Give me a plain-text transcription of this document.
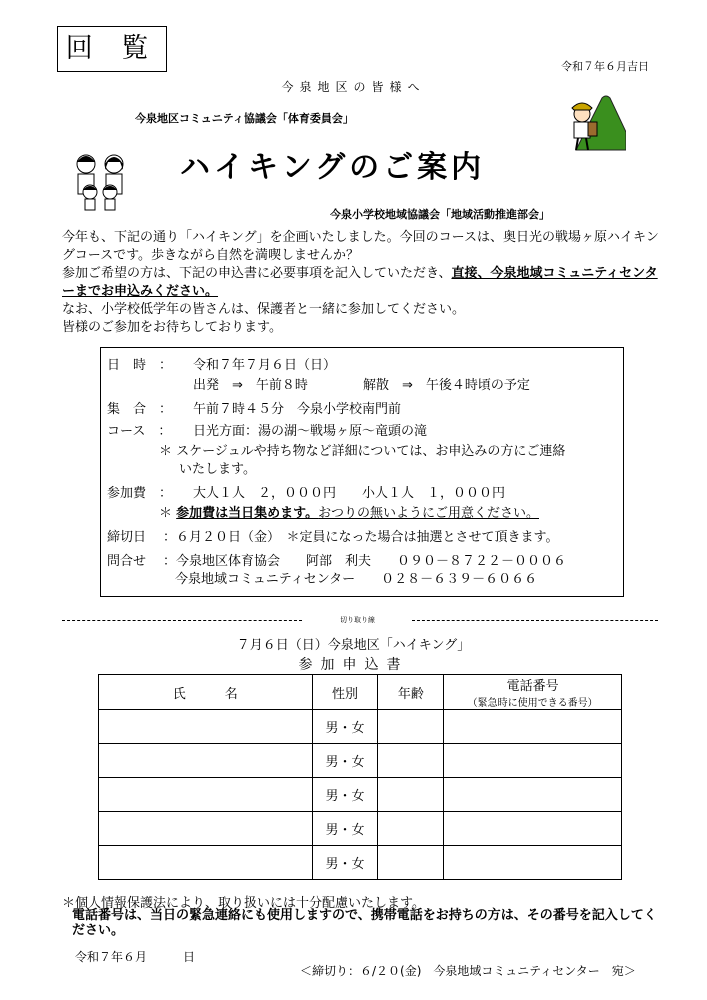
回 覧
令和７年６月吉日
今泉地区の皆様へ
今泉地区コミュニティ協議会「体育委員会」
ハイキングのご案内
今泉小学校地域協議会「地域活動推進部会」

今年も、下記の通り「ハイキング」を企画いたしました。今回のコースは、奥日光の戦場ヶ原ハイキングコースです。歩きながら自然を満喫しませんか？

参加ご希望の方は、下記の申込書に必要事項を記入していただき、直接、今泉地域コミュニティセンターまでお申込みください。

なお、小学校低学年の皆さんは、保護者と一緒に参加してください。

皆様のご参加をお待ちしております。

日　時　： 令和７年７月６日（日）
出発　⇒　午前８時	解散　⇒　午後４時頃の予定
集　合　： 午前７時４５分　今泉小学校南門前
コース　： 日光方面：湯の湖～戦場ヶ原～竜頭の滝
＊ スケージュルや持ち物など詳細については、お申込みの方にご連絡
いたします。
参加費　： 大人１人　２，０００円　　小人１人　１，０００円
＊ 参加費は当日集めます。おつりの無いようにご用意ください。
締切日 ：６月２０日（金）　＊定員になった場合は抽選とさせて頂きます。
問合せ ：今泉地区体育協会　　阿部　利夫　　０９０－８７２２－０００６
今泉地域コミュニティセンター　　０２８－６３９－６０６６
切り取り線
７月６日（日）今泉地区「ハイキング」
参加申込書
氏　　　名	性別	年齢	電話番号
（緊急時に使用できる番号）

	男・女		
	男・女		
	男・女		
	男・女		
	男・女		
＊個人情報保護法により、取り扱いには十分配慮いたします。
電話番号は、当日の緊急連絡にも使用しますので、携帯電話をお持ちの方は、その番号を記入してください。
令和７年６月　　　日
＜締切り：６/２０(金)　今泉地域コミュニティセンター　宛＞
